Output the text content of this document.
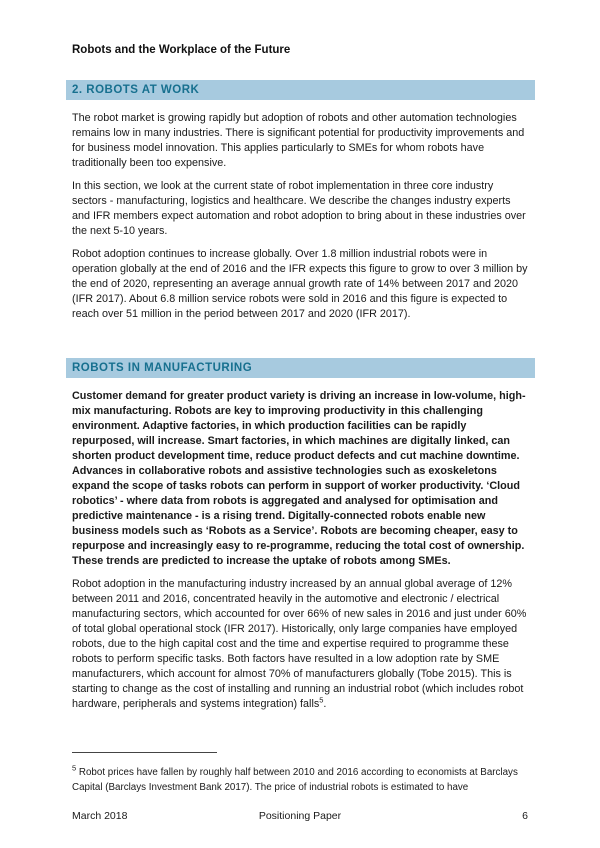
Robots and the Workplace of the Future
2. ROBOTS AT WORK

The robot market is growing rapidly but adoption of robots and other automation technologies remains low in many industries. There is significant potential for productivity improvements and for business model innovation. This applies particularly to SMEs for whom robots have traditionally been too expensive.

In this section, we look at the current state of robot implementation in three core industry sectors - manufacturing, logistics and healthcare. We describe the changes industry experts and IFR members expect automation and robot adoption to bring about in these industries over the next 5-10 years.

Robot adoption continues to increase globally. Over 1.8 million industrial robots were in operation globally at the end of 2016 and the IFR expects this figure to grow to over 3 million by the end of 2020, representing an average annual growth rate of 14% between 2017 and 2020 (IFR 2017). About 6.8 million service robots were sold in 2016 and this figure is expected to reach over 51 million in the period between 2017 and 2020 (IFR 2017).

ROBOTS IN MANUFACTURING

Customer demand for greater product variety is driving an increase in low-volume, high-mix manufacturing. Robots are key to improving productivity in this challenging environment. Adaptive factories, in which production facilities can be rapidly repurposed, will increase. Smart factories, in which machines are digitally linked, can shorten product development time, reduce product defects and cut machine downtime. Advances in collaborative robots and assistive technologies such as exoskeletons expand the scope of tasks robots can perform in support of worker productivity. ‘Cloud robotics’ - where data from robots is aggregated and analysed for optimisation and predictive maintenance - is a rising trend. Digitally-connected robots enable new business models such as ‘Robots as a Service’. Robots are becoming cheaper, easy to repurpose and increasingly easy to re-programme, reducing the total cost of ownership. These trends are predicted to increase the uptake of robots among SMEs.

Robot adoption in the manufacturing industry increased by an annual global average of 12% between 2011 and 2016, concentrated heavily in the automotive and electronic / electrical manufacturing sectors, which accounted for over 66% of new sales in 2016 and just under 60% of total global operational stock (IFR 2017). Historically, only large companies have employed robots, due to the high capital cost and the time and expertise required to programme these robots to perform specific tasks. Both factors have resulted in a low adoption rate by SME manufacturers, which account for almost 70% of manufacturers globally (Tobe 2015). This is starting to change as the cost of installing and running an industrial robot (which includes robot hardware, peripherals and systems integration) falls$^5$.

$^5$ Robot prices have fallen by roughly half between 2010 and 2016 according to economists at Barclays Capital (Barclays Investment Bank 2017). The price of industrial robots is estimated to have
March 2018	Positioning Paper	6
